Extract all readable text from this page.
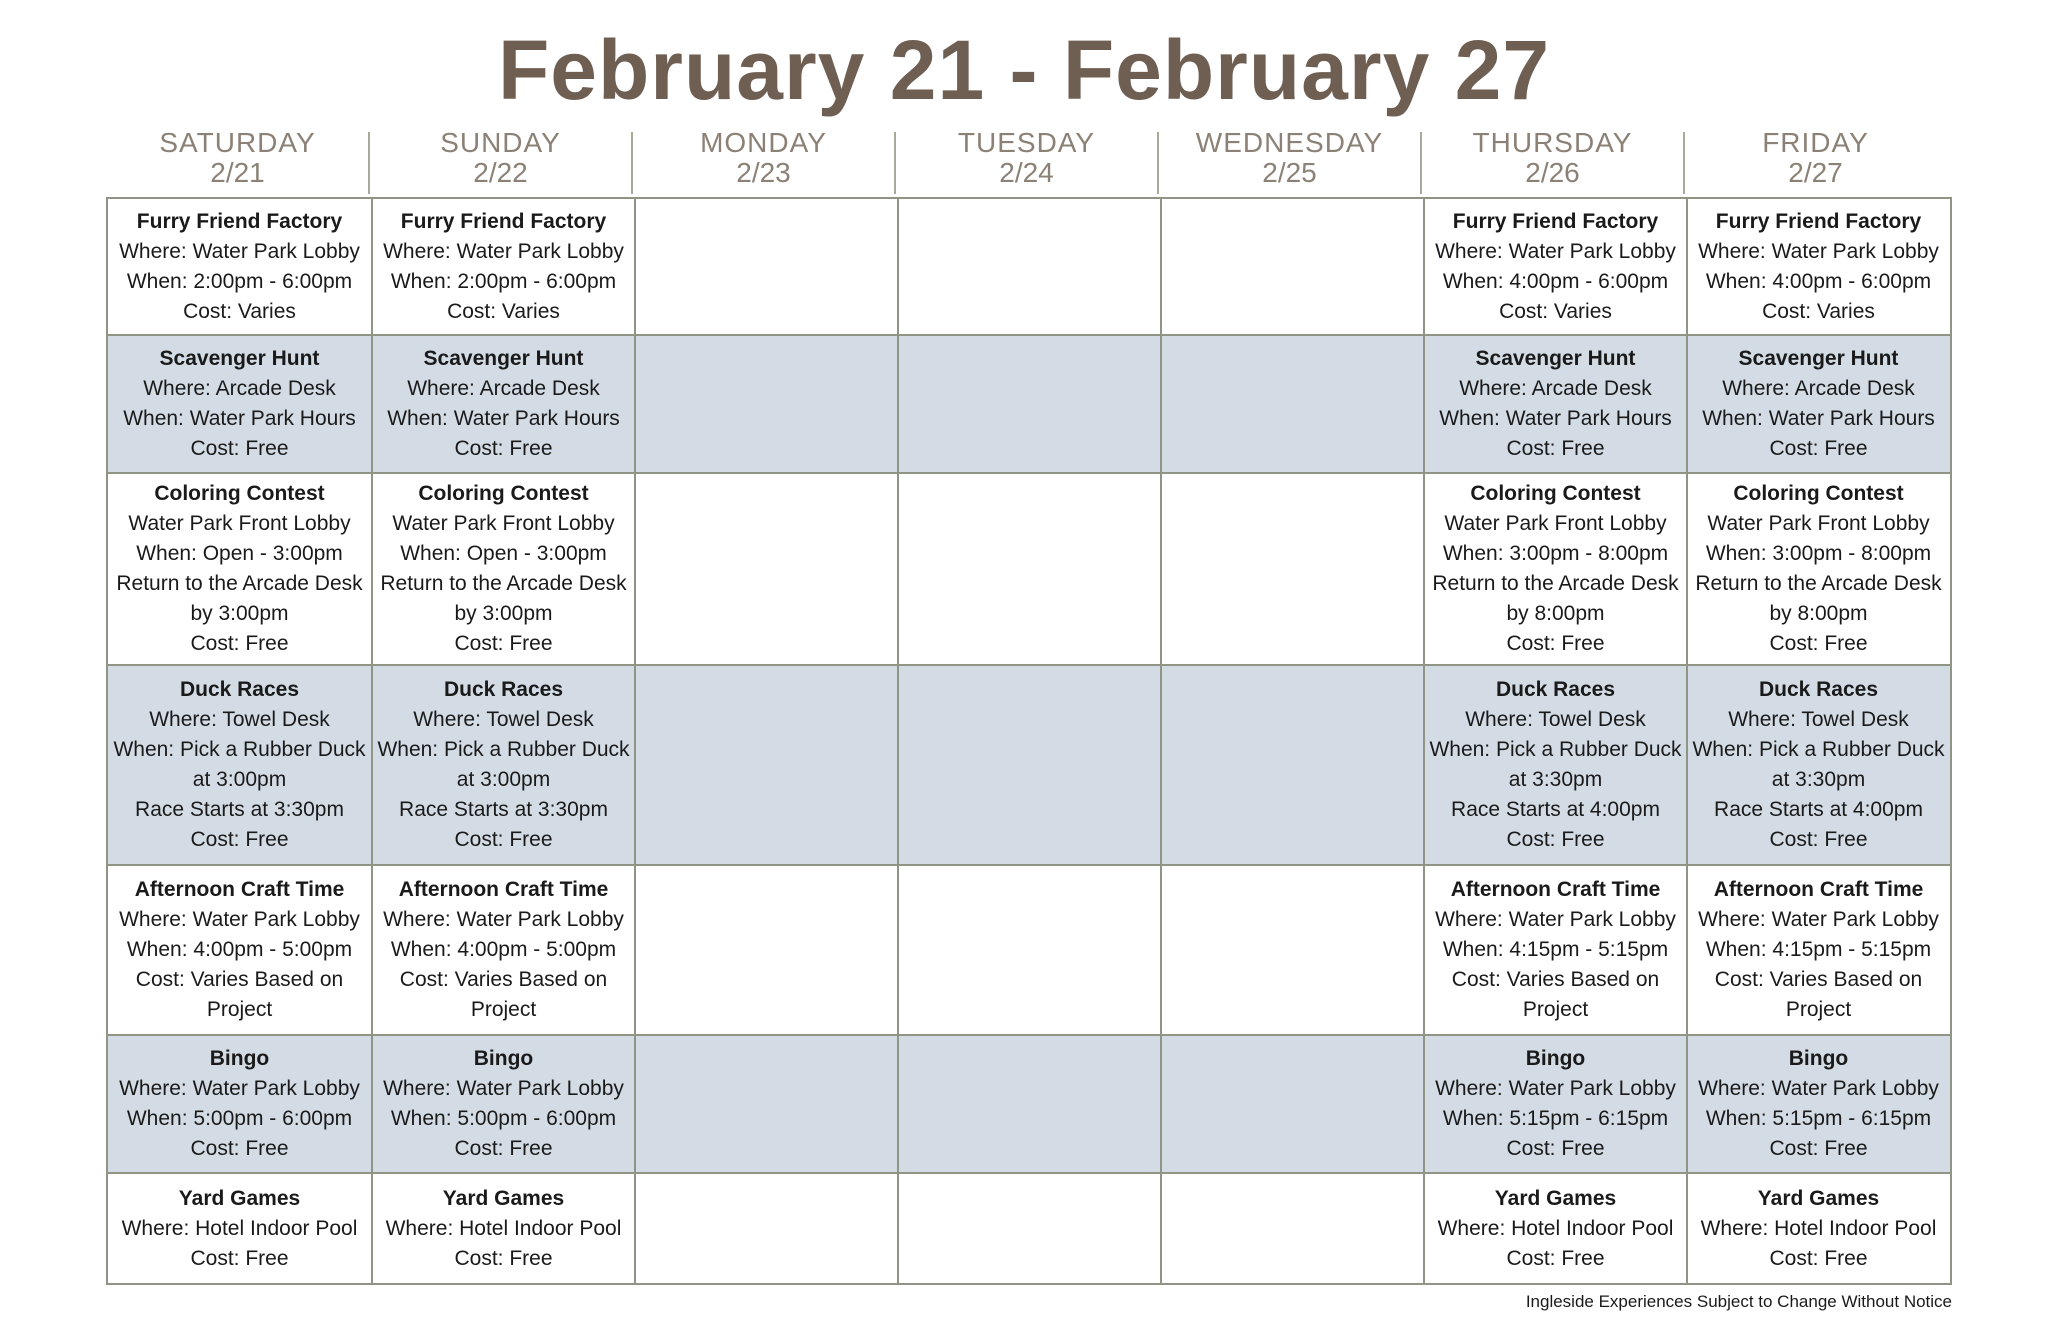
February 21 - February 27
SATURDAY
2/21
SUNDAY
2/22
MONDAY
2/23
TUESDAY
2/24
WEDNESDAY
2/25
THURSDAY
2/26
FRIDAY
2/27
Furry Friend Factory
Where: Water Park Lobby
When: 2:00pm - 6:00pm
Cost: Varies
Furry Friend Factory
Where: Water Park Lobby
When: 2:00pm - 6:00pm
Cost: Varies
Furry Friend Factory
Where: Water Park Lobby
When: 4:00pm - 6:00pm
Cost: Varies
Furry Friend Factory
Where: Water Park Lobby
When: 4:00pm - 6:00pm
Cost: Varies
Scavenger Hunt
Where: Arcade Desk
When: Water Park Hours
Cost: Free
Scavenger Hunt
Where: Arcade Desk
When: Water Park Hours
Cost: Free
Scavenger Hunt
Where: Arcade Desk
When: Water Park Hours
Cost: Free
Scavenger Hunt
Where: Arcade Desk
When: Water Park Hours
Cost: Free
Coloring Contest
Water Park Front Lobby
When: Open - 3:00pm
Return to the Arcade Desk
by 3:00pm
Cost: Free
Coloring Contest
Water Park Front Lobby
When: Open - 3:00pm
Return to the Arcade Desk
by 3:00pm
Cost: Free
Coloring Contest
Water Park Front Lobby
When: 3:00pm - 8:00pm
Return to the Arcade Desk
by 8:00pm
Cost: Free
Coloring Contest
Water Park Front Lobby
When: 3:00pm - 8:00pm
Return to the Arcade Desk
by 8:00pm
Cost: Free
Duck Races
Where: Towel Desk
When: Pick a Rubber Duck
at 3:00pm
Race Starts at 3:30pm
Cost: Free
Duck Races
Where: Towel Desk
When: Pick a Rubber Duck
at 3:00pm
Race Starts at 3:30pm
Cost: Free
Duck Races
Where: Towel Desk
When: Pick a Rubber Duck
at 3:30pm
Race Starts at 4:00pm
Cost: Free
Duck Races
Where: Towel Desk
When: Pick a Rubber Duck
at 3:30pm
Race Starts at 4:00pm
Cost: Free
Afternoon Craft Time
Where: Water Park Lobby
When: 4:00pm - 5:00pm
Cost: Varies Based on
Project
Afternoon Craft Time
Where: Water Park Lobby
When: 4:00pm - 5:00pm
Cost: Varies Based on
Project
Afternoon Craft Time
Where: Water Park Lobby
When: 4:15pm - 5:15pm
Cost: Varies Based on
Project
Afternoon Craft Time
Where: Water Park Lobby
When: 4:15pm - 5:15pm
Cost: Varies Based on
Project
Bingo
Where: Water Park Lobby
When: 5:00pm - 6:00pm
Cost: Free
Bingo
Where: Water Park Lobby
When: 5:00pm - 6:00pm
Cost: Free
Bingo
Where: Water Park Lobby
When: 5:15pm - 6:15pm
Cost: Free
Bingo
Where: Water Park Lobby
When: 5:15pm - 6:15pm
Cost: Free
Yard Games
Where: Hotel Indoor Pool
Cost: Free
Yard Games
Where: Hotel Indoor Pool
Cost: Free
Yard Games
Where: Hotel Indoor Pool
Cost: Free
Yard Games
Where: Hotel Indoor Pool
Cost: Free
Ingleside Experiences Subject to Change Without Notice
